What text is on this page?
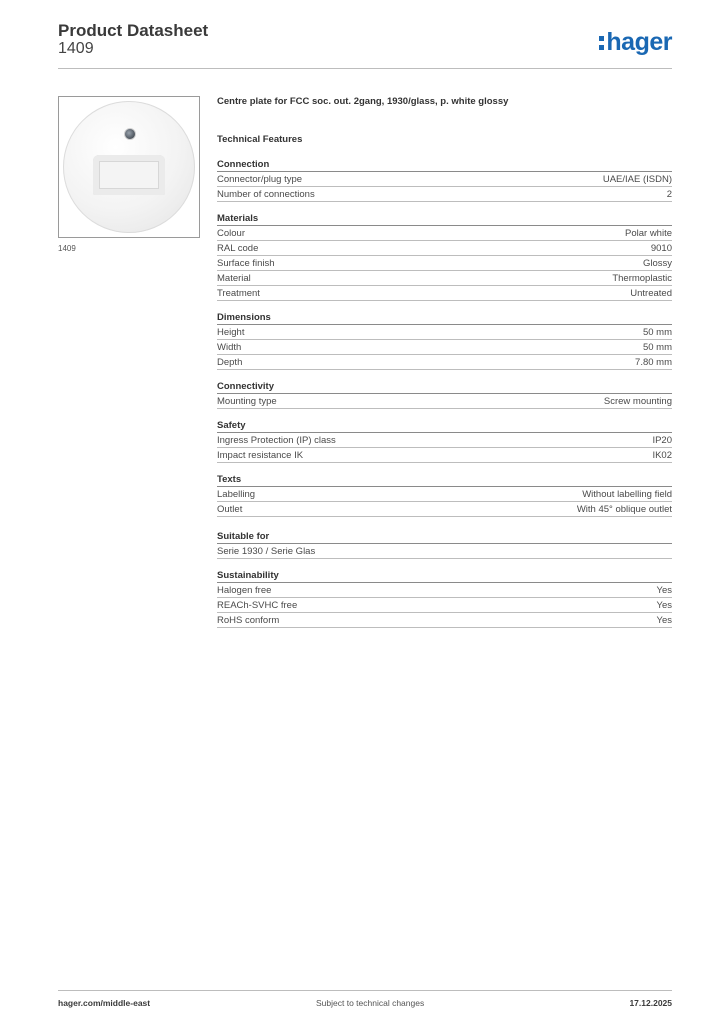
Product Datasheet
1409	hager
1409
Centre plate for FCC soc. out. 2gang, 1930/glass, p. white glossy
Technical Features
Connection
Connector/plug type	UAE/IAE (ISDN)
Number of connections	2
Materials
Colour	Polar white
RAL code	9010
Surface finish	Glossy
Material	Thermoplastic
Treatment	Untreated
Dimensions
Height	50 mm
Width	50 mm
Depth	7.80 mm
Connectivity
Mounting type	Screw mounting
Safety
Ingress Protection (IP) class	IP20
Impact resistance IK	IK02
Texts
Labelling	Without labelling field
Outlet	With 45° oblique outlet
Suitable for
Serie 1930 / Serie Glas
Sustainability
Halogen free	Yes
REACh-SVHC free	Yes
RoHS conform	Yes
hager.com/middle-east	Subject to technical changes	17.12.2025
